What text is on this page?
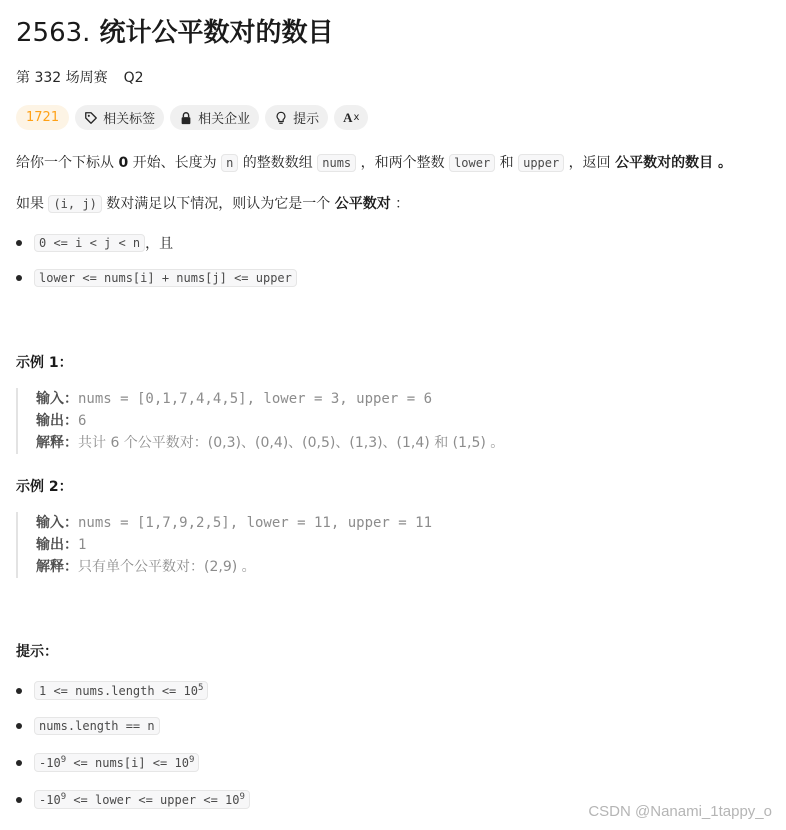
2563. 统计公平数对的数目
第 332 场周赛 Q2
1721	相关标签	相关企业	提示 A x
给你一个下标从 0 开始、长度为 n 的整数数组 nums ，和两个整数 lower 和 upper ，返回 公平数对的数目 。
如果 (i, j) 数对满足以下情况，则认为它是一个 公平数对 ：
0 <= i < j < n ，且
lower <= nums[i] + nums[j] <= upper
示例 1：
输入：nums = [0,1,7,4,4,5], lower = 3, upper = 6
输出：6
解释：共计 6 个公平数对：(0,3)、(0,4)、(0,5)、(1,3)、(1,4) 和 (1,5) 。
示例 2：
输入：nums = [1,7,9,2,5], lower = 11, upper = 11
输出：1
解释：只有单个公平数对：(2,9) 。
提示：
1 <= nums.length <= $10^5$
nums.length == n
$-10^9$ <= nums[i] <= $10^9$
$-10^9$ <= lower <= upper <= $10^9$
CSDN @Nanami_1tappy_o
